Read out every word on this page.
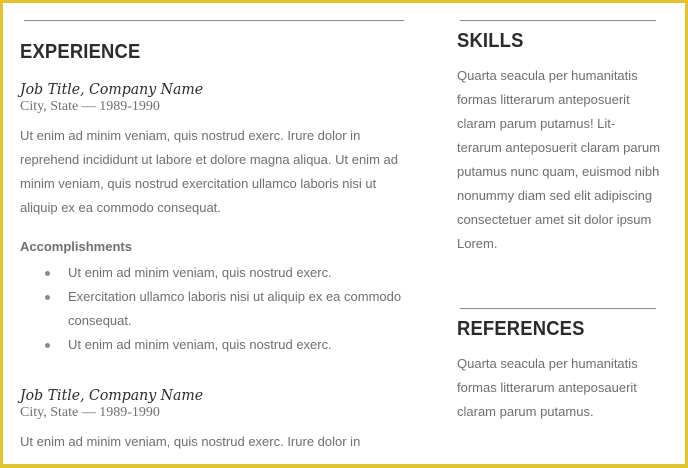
EXPERIENCE
Job Title, Company Name
City, State — 1989-1990

Ut enim ad minim veniam, quis nostrud exerc. Irure dolor in
reprehend incididunt ut labore et dolore magna aliqua. Ut enim ad
minim veniam, quis nostrud exercitation ullamco laboris nisi ut
aliquip ex ea commodo consequat.

Accomplishments
Ut enim ad minim veniam, quis nostrud exerc.
Exercitation ullamco laboris nisi ut aliquip ex ea commodo
consequat.
Ut enim ad minim veniam, quis nostrud exerc.
Job Title, Company Name
City, State — 1989-1990

Ut enim ad minim veniam, quis nostrud exerc. Irure dolor in

SKILLS

Quarta seacula per humanitatis
formas litterarum anteposuerit
claram parum putamus! Lit-
terarum anteposuerit claram parum
putamus nunc quam, euismod nibh
nonummy diam sed elit adipiscing
consectetuer amet sit dolor ipsum
Lorem.

REFERENCES

Quarta seacula per humanitatis
formas litterarum anteposauerit
claram parum putamus.
